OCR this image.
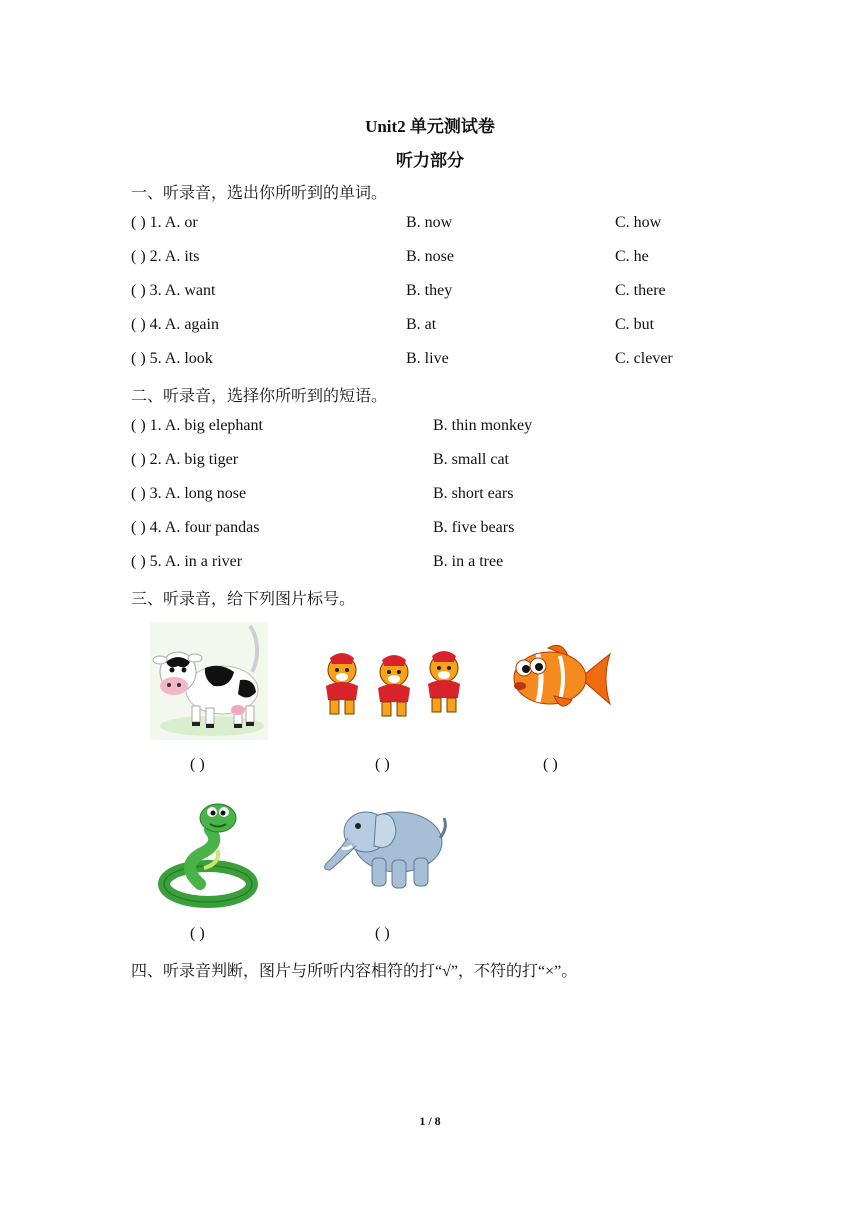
Unit2 单元测试卷
听力部分
一、听录音，选出你所听到的单词。
( ) 1. A. or	B. now	C. how
( ) 2. A. its	B. nose	C. he
( ) 3. A. want	B. they	C. there
( ) 4. A. again	B. at	C. but
( ) 5. A. look	B. live	C. clever
二、听录音，选择你所听到的短语。
( ) 1. A. big elephant	B. thin monkey
( ) 2. A. big tiger	B. small cat
( ) 3. A. long nose	B. short ears
( ) 4. A. four pandas	B. five bears
( ) 5. A. in a river	B. in a tree
三、听录音，给下列图片标号。
( )	( )	( )
( )	( )
四、听录音判断，图片与所听内容相符的打“√”，不符的打“×”。
1 / 8
